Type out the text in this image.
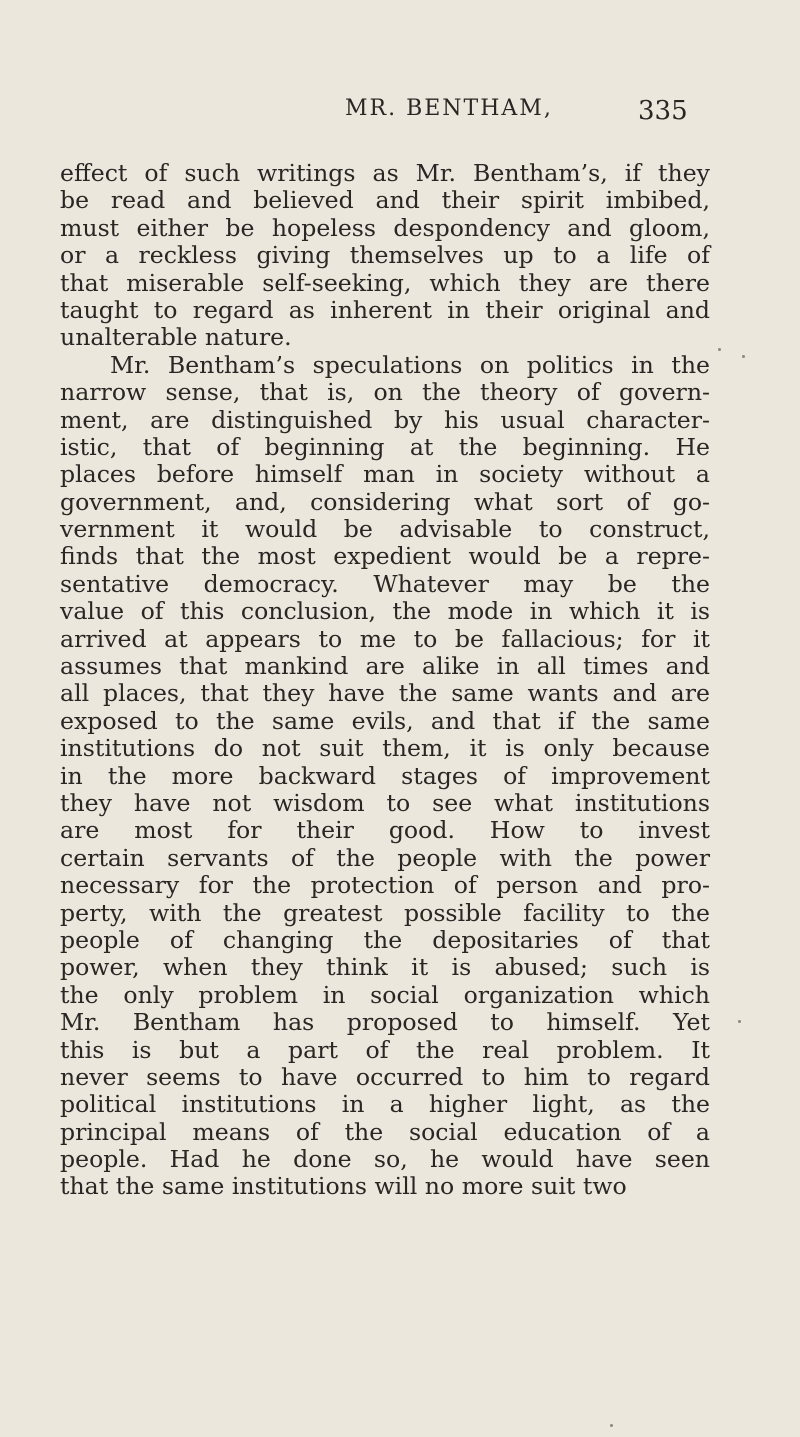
MR. BENTHAM,	335
effect of such writings as Mr. Bentham’s, if they
be read and believed and their spirit imbibed,
must either be hopeless despondency and gloom,
or a reckless giving themselves up to a life of
that miserable self-seeking, which they are there
taught to regard as inherent in their original and
unalterable nature.
Mr. Bentham’s speculations on politics in the
narrow sense, that is, on the theory of govern-
ment, are distinguished by his usual character-
istic, that of beginning at the beginning. He
places before himself man in society without a
government, and, considering what sort of go-
vernment it would be advisable to construct,
finds that the most expedient would be a repre-
sentative democracy. Whatever may be the
value of this conclusion, the mode in which it is
arrived at appears to me to be fallacious; for it
assumes that mankind are alike in all times and
all places, that they have the same wants and are
exposed to the same evils, and that if the same
institutions do not suit them, it is only because
in the more backward stages of improvement
they have not wisdom to see what institutions
are most for their good. How to invest
certain servants of the people with the power
necessary for the protection of person and pro-
perty, with the greatest possible facility to the
people of changing the depositaries of that
power, when they think it is abused; such is
the only problem in social organization which
Mr. Bentham has proposed to himself. Yet
this is but a part of the real problem. It
never seems to have occurred to him to regard
political institutions in a higher light, as the
principal means of the social education of a
people. Had he done so, he would have seen
that the same institutions will no more suit two
